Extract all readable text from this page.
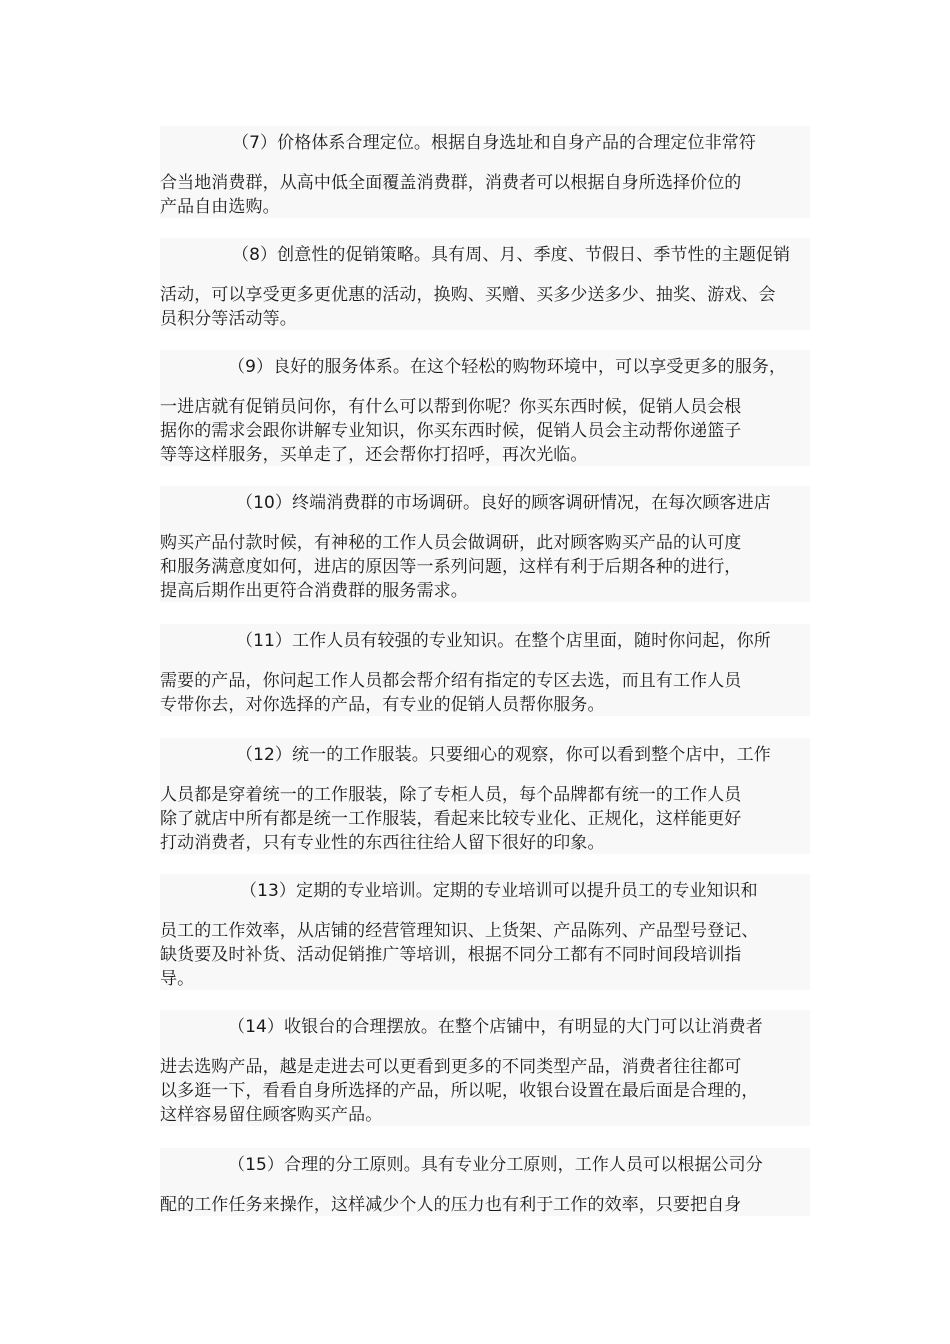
（7）价格体系合理定位。根据自身选址和自身产品的合理定位非常符
合当地消费群，从高中低全面覆盖消费群，消费者可以根据自身所选择价位的
产品自由选购。
（8）创意性的促销策略。具有周、月、季度、节假日、季节性的主题促销
活动，可以享受更多更优惠的活动，换购、买赠、买多少送多少、抽奖、游戏、会
员积分等活动等。
（9）良好的服务体系。在这个轻松的购物环境中，可以享受更多的服务，
一进店就有促销员问你，有什么可以帮到你呢？你买东西时候，促销人员会根
据你的需求会跟你讲解专业知识，你买东西时候，促销人员会主动帮你递篮子
等等这样服务，买单走了，还会帮你打招呼，再次光临。
（10）终端消费群的市场调研。良好的顾客调研情况，在每次顾客进店
购买产品付款时候，有神秘的工作人员会做调研，此对顾客购买产品的认可度
和服务满意度如何，进店的原因等一系列问题，这样有利于后期各种的进行，
提高后期作出更符合消费群的服务需求。
（11）工作人员有较强的专业知识。在整个店里面，随时你问起，你所
需要的产品，你问起工作人员都会帮介绍有指定的专区去选，而且有工作人员
专带你去，对你选择的产品，有专业的促销人员帮你服务。
（12）统一的工作服装。只要细心的观察，你可以看到整个店中，工作
人员都是穿着统一的工作服装，除了专柜人员，每个品牌都有统一的工作人员
除了就店中所有都是统一工作服装，看起来比较专业化、正规化，这样能更好
打动消费者，只有专业性的东西往往给人留下很好的印象。
（13）定期的专业培训。定期的专业培训可以提升员工的专业知识和
员工的工作效率，从店铺的经营管理知识、上货架、产品陈列、产品型号登记、
缺货要及时补货、活动促销推广等培训，根据不同分工都有不同时间段培训指
导。
（14）收银台的合理摆放。在整个店铺中，有明显的大门可以让消费者
进去选购产品，越是走进去可以更看到更多的不同类型产品，消费者往往都可
以多逛一下，看看自身所选择的产品，所以呢，收银台设置在最后面是合理的，
这样容易留住顾客购买产品。
（15）合理的分工原则。具有专业分工原则，工作人员可以根据公司分
配的工作任务来操作，这样减少个人的压力也有利于工作的效率，只要把自身
